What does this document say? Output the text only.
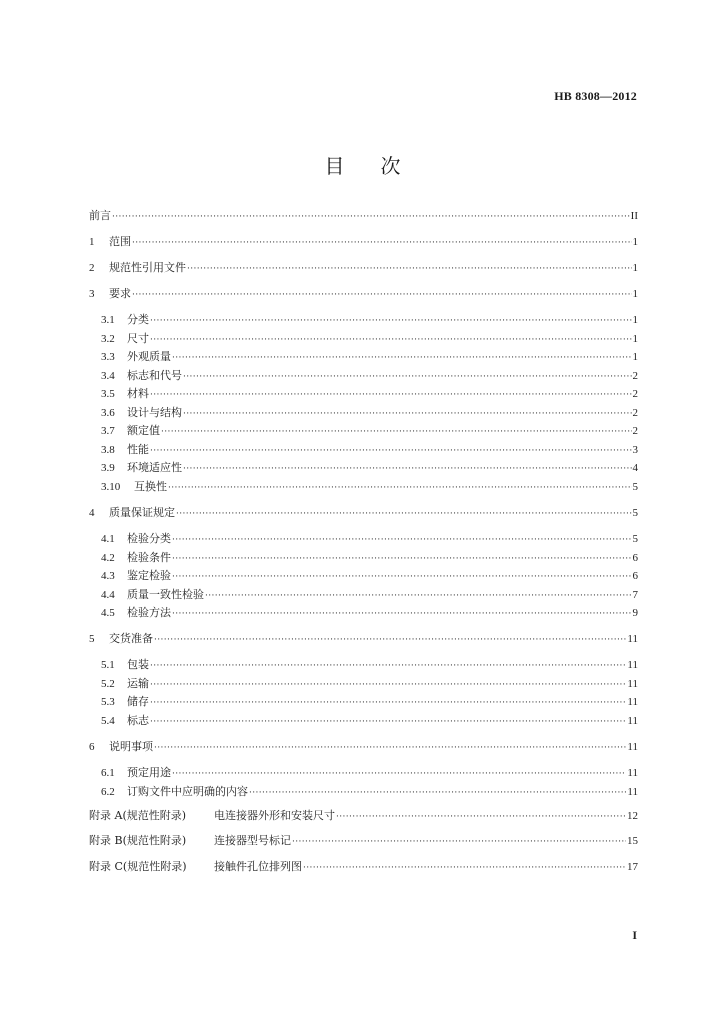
HB 8308—2012
目 次
前言 ·····	II
1	范围 ·····	1
2	规范性引用文件 ·····	1
3	要求 ·····	1
3.1	分类 ·····	1
3.2	尺寸 ·····	1
3.3	外观质量 ·····	1
3.4	标志和代号 ·····	2
3.5	材料 ·····	2
3.6	设计与结构 ·····	2
3.7	额定值 ·····	2
3.8	性能 ·····	3
3.9	环境适应性 ·····	4
3.10	互换性 ·····	5
4	质量保证规定 ·····	5
4.1	检验分类 ·····	5
4.2	检验条件 ·····	6
4.3	鉴定检验 ·····	6
4.4	质量一致性检验 ·····	7
4.5	检验方法 ·····	9
5	交货准备 ·····	11
5.1	包装 ·····	11
5.2	运输 ·····	11
5.3	储存 ·····	11
5.4	标志 ·····	11
6	说明事项 ·····	11
6.1	预定用途 ·····	11
6.2	订购文件中应明确的内容 ·····	11
附录 A(规范性附录)	电连接器外形和安装尺寸 ·····	12
附录 B(规范性附录)	连接器型号标记 ·····	15
附录 C(规范性附录)	接触件孔位排列图 ·····	17
I
